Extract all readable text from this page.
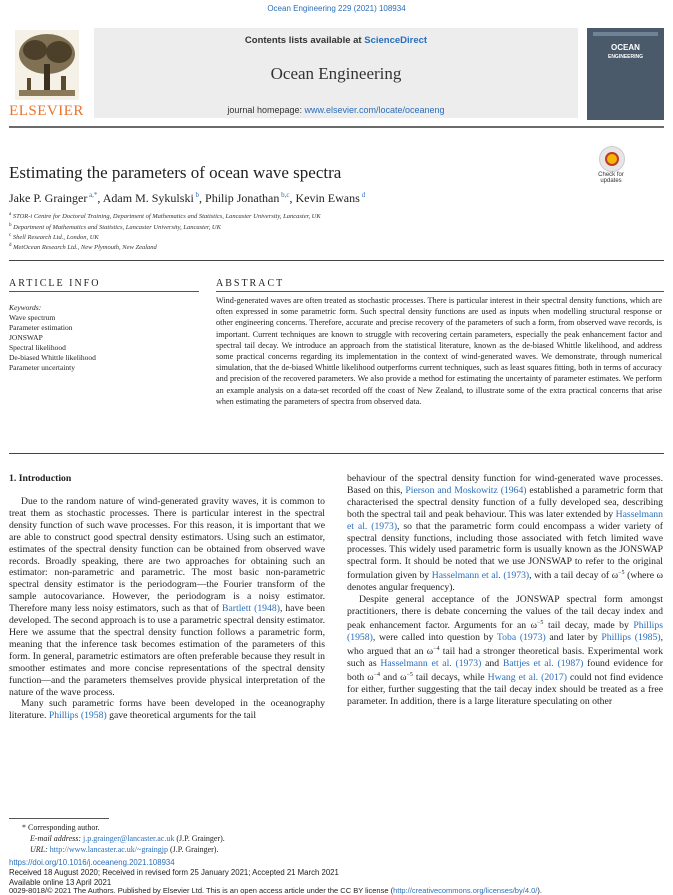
Ocean Engineering 229 (2021) 108934
ELSEVIER
Contents lists available at ScienceDirect
Ocean Engineering
journal homepage: www.elsevier.com/locate/oceaneng
OCEAN
ENGINEERING
Estimating the parameters of ocean wave spectra	Check for
updates
Jake P. Grainger $^{a,*}$, Adam M. Sykulski $^b$, Philip Jonathan $^{b,c}$, Kevin Ewans $^d$
$^a$ STOR-i Centre for Doctoral Training, Department of Mathematics and Statistics, Lancaster University, Lancaster, UK
$^b$ Department of Mathematics and Statistics, Lancaster University, Lancaster, UK
$^c$ Shell Research Ltd., London, UK
$^d$ MetOcean Research Ltd., New Plymouth, New Zealand
ARTICLE INFO	ABSTRACT
Keywords:
Wave spectrum
Parameter estimation
JONSWAP
Spectral likelihood
De-biased Whittle likelihood
Parameter uncertainty
Wind-generated waves are often treated as stochastic processes. There is particular interest in their spectral density functions, which are often expressed in some parametric form. Such spectral density functions are used as inputs when modelling structural response or other engineering concerns. Therefore, accurate and precise recovery of the parameters of such a form, from observed wave records, is important. Current techniques are known to struggle with recovering certain parameters, especially the peak enhancement factor and spectral tail decay. We introduce an approach from the statistical literature, known as the de-biased Whittle likelihood, and address some practical concerns regarding its implementation in the context of wind-generated waves. We demonstrate, through numerical simulation, that the de-biased Whittle likelihood outperforms current techniques, such as least squares fitting, both in terms of accuracy and precision of the recovered parameters. We also provide a method for estimating the uncertainty of parameter estimates. We perform an example analysis on a data-set recorded off the coast of New Zealand, to illustrate some of the extra practical concerns that arise when estimating the parameters of spectra from observed data.
1. Introduction

Due to the random nature of wind-generated gravity waves, it is common to treat them as stochastic processes. There is particular interest in the spectral density function of such wave processes. For this reason, it is important that we are able to construct good spectral density estimators. Using such an estimator, estimates of the spectral density function can be obtained from observed wave records. Broadly speaking, there are two approaches for obtaining such an estimator: non-parametric and parametric. The most basic non-parametric spectral density estimator is the periodogram—the Fourier transform of the sample autocovariance. However, the periodogram is a noisy estimator. Therefore many less noisy estimators, such as that of Bartlett (1948), have been developed. The second approach is to use a parametric spectral density estimator. Here we assume that the spectral density function follows a parametric form, meaning that the inference task becomes estimation of the parameters of this form. In general, parametric estimators are often preferable because they result in smoother estimates and more concise representations of the spectral density function—and the parameters themselves provide physical interpretation of the nature of the wave process.

Many such parametric forms have been developed in the oceanography literature. Phillips (1958) gave theoretical arguments for the tail

behaviour of the spectral density function for wind-generated wave processes. Based on this, Pierson and Moskowitz (1964) established a parametric form that characterised the spectral density function of a fully developed sea, describing both the spectral tail and peak behaviour. This was later extended by Hasselmann et al. (1973), so that the parametric form could encompass a wider variety of spectral density functions, including those associated with fetch limited wave processes. This widely used parametric form is usually known as the JONSWAP spectral form. It should be noted that we use JONSWAP to refer to the original formulation given by Hasselmann et al. (1973), with a tail decay of $\omega^{-5}$ (where ω denotes angular frequency).

Despite general acceptance of the JONSWAP spectral form amongst practitioners, there is debate concerning the values of the tail decay index and peak enhancement factor. Arguments for an $\omega^{-5}$ tail decay, made by Phillips (1958), were called into question by Toba (1973) and later by Phillips (1985), who argued that an $\omega^{-4}$ tail had a stronger theoretical basis. Experimental work such as Hasselmann et al. (1973) and Battjes et al. (1987) found evidence for both $\omega^{-4}$ and $\omega^{-5}$ tail decays, while Hwang et al. (2017) could not find evidence for either, further suggesting that the tail decay index should be treated as a free parameter. In addition, there is a large literature speculating on other

* Corresponding author.
E-mail address: j.p.grainger@lancaster.ac.uk (J.P. Grainger).
URL: http://www.lancaster.ac.uk/~graingjp (J.P. Grainger).
https://doi.org/10.1016/j.oceaneng.2021.108934
Received 18 August 2020; Received in revised form 25 January 2021; Accepted 21 March 2021
Available online 13 April 2021
0029-8018/© 2021 The Authors. Published by Elsevier Ltd. This is an open access article under the CC BY license (http://creativecommons.org/licenses/by/4.0/).
